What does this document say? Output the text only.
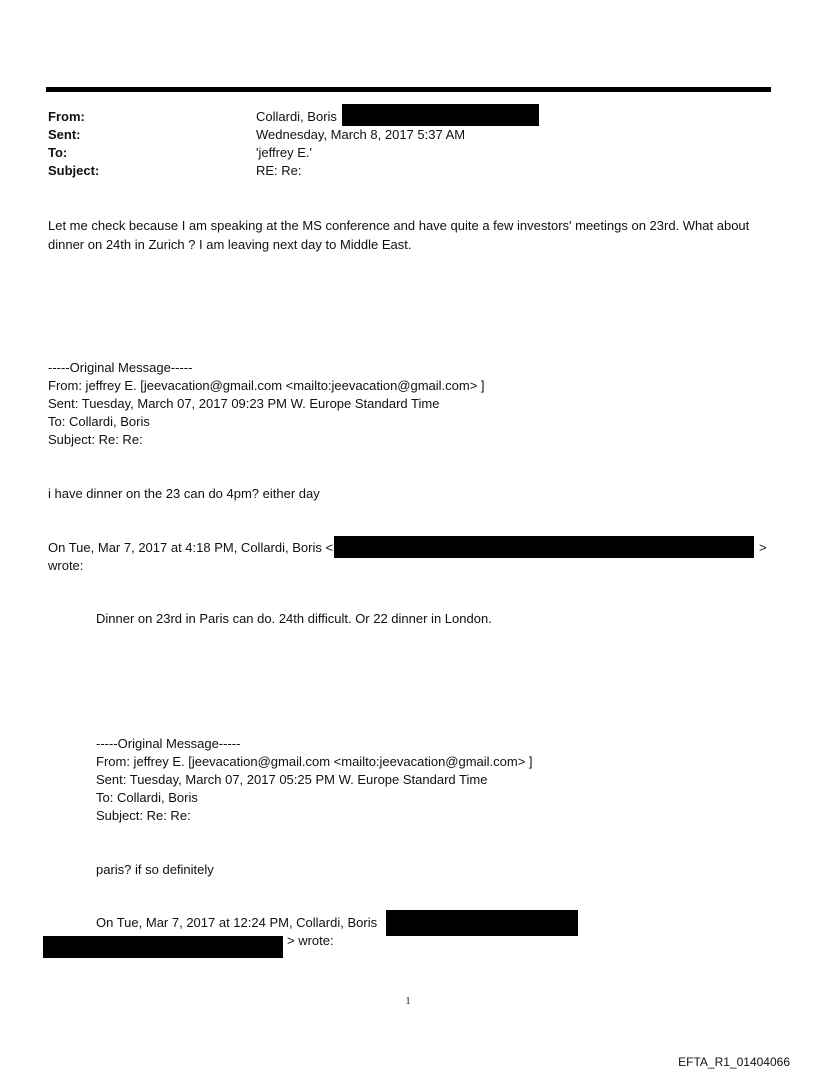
From:	Collardi, Boris
Sent:	Wednesday, March 8, 2017 5:37 AM
To:	'jeffrey E.'
Subject:	RE: Re:
Let me check because I am speaking at the MS conference and have quite a few investors' meetings on 23rd. What about dinner on 24th in Zurich ? I am leaving next day to Middle East.
-----Original Message-----
From: jeffrey E. [jeevacation@gmail.com <mailto:jeevacation@gmail.com> ]
Sent: Tuesday, March 07, 2017 09:23 PM W. Europe Standard Time
To: Collardi, Boris
Subject: Re: Re:
i have dinner on the 23 can do 4pm? either day
On Tue, Mar 7, 2017 at 4:18 PM, Collardi, Boris <	>
wrote:
Dinner on 23rd in Paris can do. 24th difficult. Or 22 dinner in London.
-----Original Message-----
From: jeffrey E. [jeevacation@gmail.com <mailto:jeevacation@gmail.com> ]
Sent: Tuesday, March 07, 2017 05:25 PM W. Europe Standard Time
To: Collardi, Boris
Subject: Re: Re:
paris? if so definitely
On Tue, Mar 7, 2017 at 12:24 PM, Collardi, Boris
> wrote:
1
EFTA_R1_01404066
